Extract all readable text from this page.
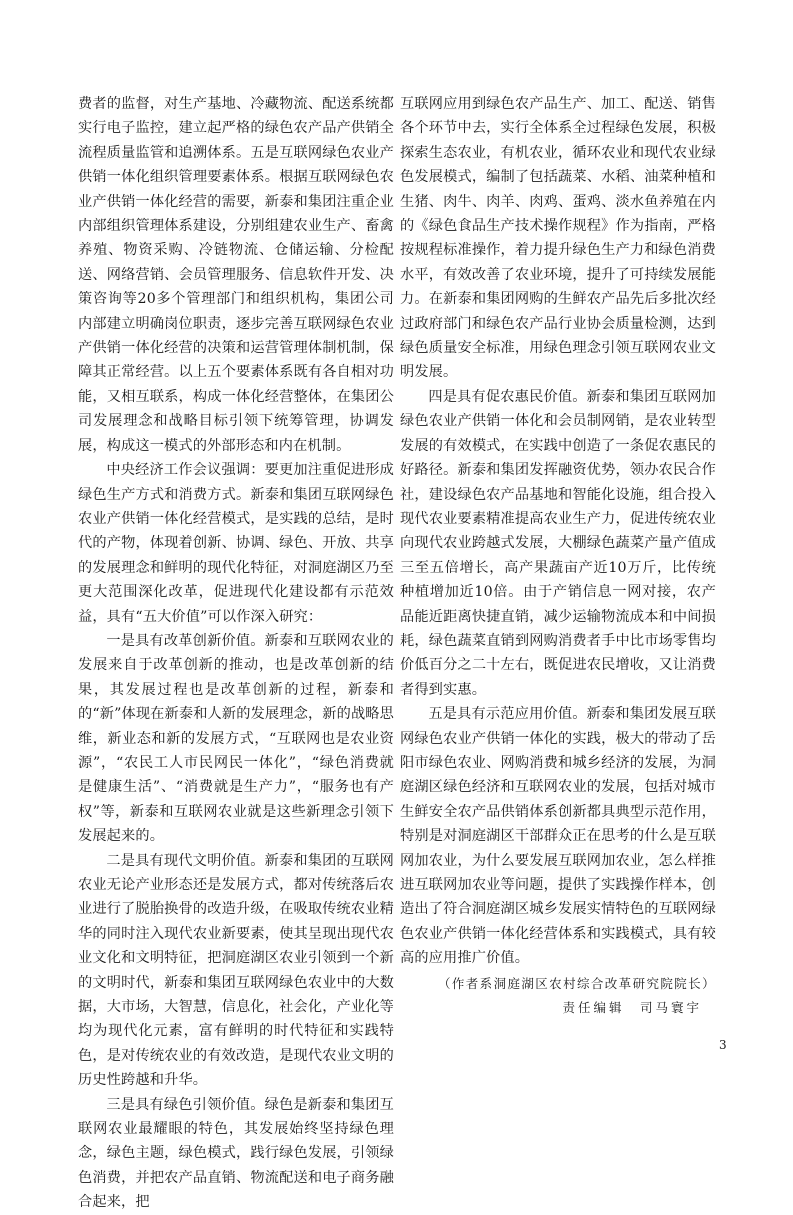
费者的监督，对生产基地、冷藏物流、配送系统都实行电子监控，建立起严格的绿色农产品产供销全流程质量监管和追溯体系。五是互联网绿色农业产供销一体化组织管理要素体系。根据互联网绿色农业产供销一体化经营的需要，新泰和集团注重企业内部组织管理体系建设，分别组建农业生产、畜禽养殖、物资采购、冷链物流、仓储运输、分检配送、网络营销、会员管理服务、信息软件开发、决策咨询等20多个管理部门和组织机构，集团公司内部建立明确岗位职责，逐步完善互联网绿色农业产供销一体化经营的决策和运营管理体制机制，保障其正常经营。以上五个要素体系既有各自相对功能，又相互联系，构成一体化经营整体，在集团公司发展理念和战略目标引领下统筹管理，协调发展，构成这一模式的外部形态和内在机制。

中央经济工作会议强调：要更加注重促进形成绿色生产方式和消费方式。新泰和集团互联网绿色农业产供销一体化经营模式，是实践的总结，是时代的产物，体现着创新、协调、绿色、开放、共享的发展理念和鲜明的现代化特征，对洞庭湖区乃至更大范围深化改革，促进现代化建设都有示范效益，具有“五大价值”可以作深入研究：

一是具有改革创新价值。新泰和互联网农业的发展来自于改革创新的推动，也是改革创新的结果，其发展过程也是改革创新的过程，新泰和的“新”体现在新泰和人新的发展理念，新的战略思维，新业态和新的发展方式，“互联网也是农业资源”，“农民工人市民网民一体化”，“绿色消费就是健康生活”、“消费就是生产力”，“服务也有产权”等，新泰和互联网农业就是这些新理念引领下发展起来的。

二是具有现代文明价值。新泰和集团的互联网农业无论产业形态还是发展方式，都对传统落后农业进行了脱胎换骨的改造升级，在吸取传统农业精华的同时注入现代农业新要素，使其呈现出现代农业文化和文明特征，把洞庭湖区农业引领到一个新的文明时代，新泰和集团互联网绿色农业中的大数据，大市场，大智慧，信息化，社会化，产业化等均为现代化元素，富有鲜明的时代特征和实践特色，是对传统农业的有效改造，是现代农业文明的历史性跨越和升华。

三是具有绿色引领价值。绿色是新泰和集团互联网农业最耀眼的特色，其发展始终坚持绿色理念，绿色主题，绿色模式，践行绿色发展，引领绿色消费，并把农产品直销、物流配送和电子商务融合起来，把

互联网应用到绿色农产品生产、加工、配送、销售各个环节中去，实行全体系全过程绿色发展，积极探索生态农业，有机农业，循环农业和现代农业绿色发展模式，编制了包括蔬菜、水稻、油菜种植和生猪、肉牛、肉羊、肉鸡、蛋鸡、淡水鱼养殖在内的《绿色食品生产技术操作规程》作为指南，严格按规程标准操作，着力提升绿色生产力和绿色消费水平，有效改善了农业环境，提升了可持续发展能力。在新泰和集团网购的生鲜农产品先后多批次经过政府部门和绿色农产品行业协会质量检测，达到绿色质量安全标准，用绿色理念引领互联网农业文明发展。

四是具有促农惠民价值。新泰和集团互联网加绿色农业产供销一体化和会员制网销，是农业转型发展的有效模式，在实践中创造了一条促农惠民的好路径。新泰和集团发挥融资优势，领办农民合作社，建设绿色农产品基地和智能化设施，组合投入现代农业要素精准提高农业生产力，促进传统农业向现代农业跨越式发展，大棚绿色蔬菜产量产值成三至五倍增长，高产果蔬亩产近10万斤，比传统种植增加近10倍。由于产销信息一网对接，农产品能近距离快捷直销，减少运输物流成本和中间损耗，绿色蔬菜直销到网购消费者手中比市场零售均价低百分之二十左右，既促进农民增收，又让消费者得到实惠。

五是具有示范应用价值。新泰和集团发展互联网绿色农业产供销一体化的实践，极大的带动了岳阳市绿色农业、网购消费和城乡经济的发展，为洞庭湖区绿色经济和互联网农业的发展，包括对城市生鲜安全农产品供销体系创新都具典型示范作用，特别是对洞庭湖区干部群众正在思考的什么是互联网加农业，为什么要发展互联网加农业，怎么样推进互联网加农业等问题，提供了实践操作样本，创造出了符合洞庭湖区城乡发展实情特色的互联网绿色农业产供销一体化经营体系和实践模式，具有较高的应用推广价值。

（作者系洞庭湖区农村综合改革研究院院长）

责任编辑　司马寰宇

3
